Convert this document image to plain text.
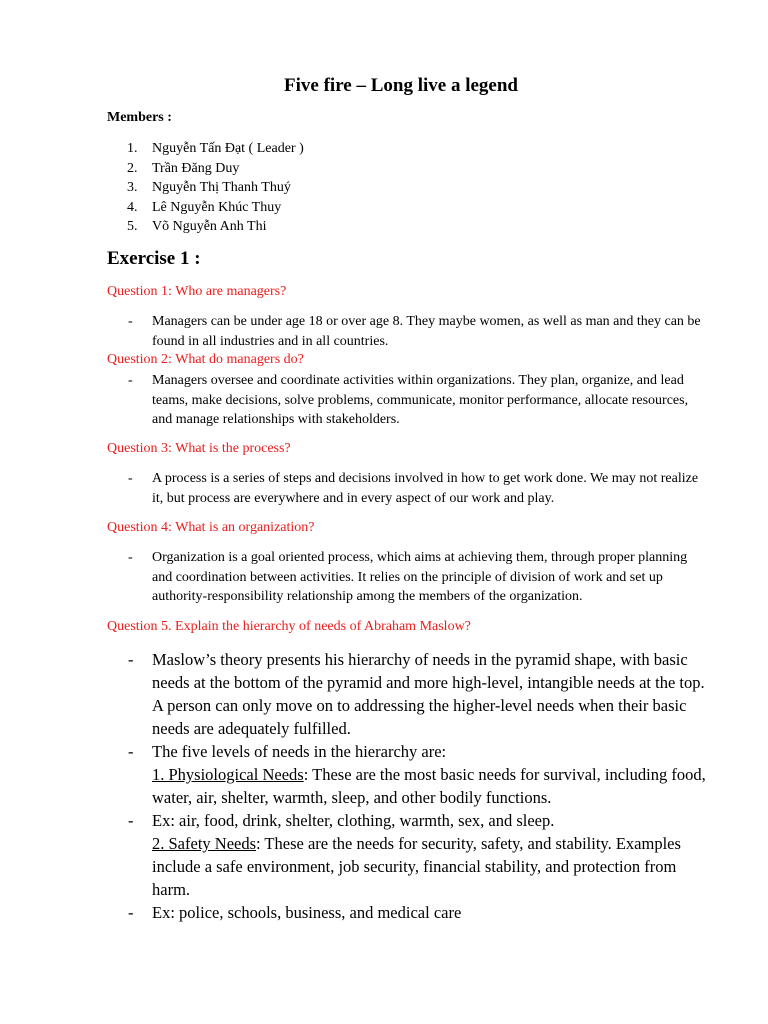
Five fire – Long live a legend
Members :
1. Nguyễn Tấn Đạt ( Leader )
2. Trần Đăng Duy
3. Nguyễn Thị Thanh Thuý
4. Lê Nguyễn Khúc Thuy
5. Võ Nguyễn Anh Thi
Exercise 1 :
Question 1: Who are managers?
- Managers can be under age 18 or over age 8. They maybe women, as well as man and they can be found in all industries and in all countries.
Question 2: What do managers do?
- Managers oversee and coordinate activities within organizations. They plan, organize, and lead teams, make decisions, solve problems, communicate, monitor performance, allocate resources, and manage relationships with stakeholders.
Question 3: What is the process?
- A process is a series of steps and decisions involved in how to get work done. We may not realize it, but process are everywhere and in every aspect of our work and play.
Question 4: What is an organization?
- Organization is a goal oriented process, which aims at achieving them, through proper planning and coordination between activities. It relies on the principle of division of work and set up authority-responsibility relationship among the members of the organization.
Question 5. Explain the hierarchy of needs of Abraham Maslow?
- Maslow’s theory presents his hierarchy of needs in the pyramid shape, with basic needs at the bottom of the pyramid and more high-level, intangible needs at the top. A person can only move on to addressing the higher-level needs when their basic needs are adequately fulfilled.
- The five levels of needs in the hierarchy are:
1. Physiological Needs: These are the most basic needs for survival, including food, water, air, shelter, warmth, sleep, and other bodily functions.
- Ex: air, food, drink, shelter, clothing, warmth, sex, and sleep.
2. Safety Needs: These are the needs for security, safety, and stability. Examples include a safe environment, job security, financial stability, and protection from harm.
- Ex: police, schools, business, and medical care
